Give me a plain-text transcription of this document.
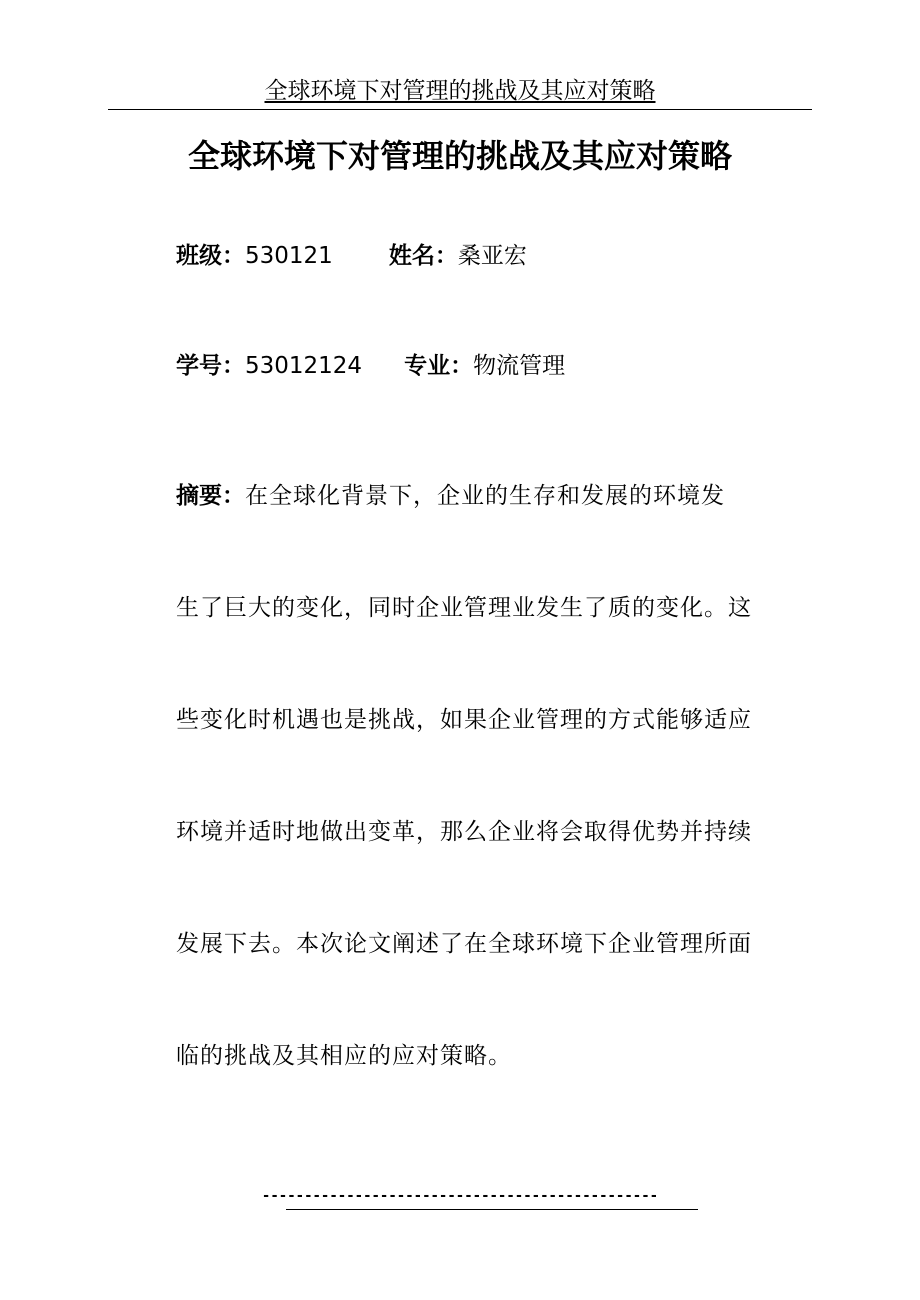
全球环境下对管理的挑战及其应对策略
全球环境下对管理的挑战及其应对策略
班级：530121 姓名：桑亚宏
学号：53012124 专业：物流管理
摘要：在全球化背景下，企业的生存和发展的环境发
生了巨大的变化，同时企业管理业发生了质的变化。这
些变化时机遇也是挑战，如果企业管理的方式能够适应
环境并适时地做出变革，那么企业将会取得优势并持续
发展下去。本次论文阐述了在全球环境下企业管理所面
临的挑战及其相应的应对策略。
-----------------------------------------------
